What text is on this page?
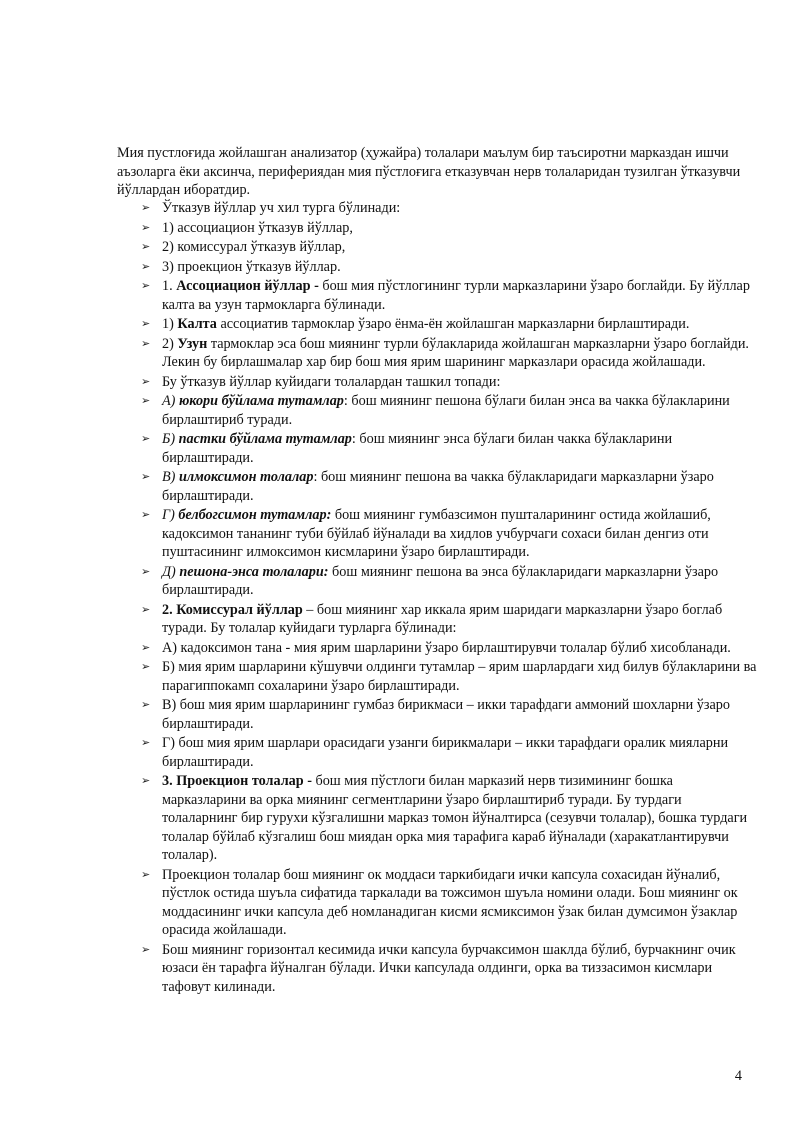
Мия пустлоғида жойлашган анализатор (ҳужайра) толалари маълум бир таъсиротни марказдан ишчи аъзоларга ёки аксинча, перифериядан мия пўстлоғига етказувчан нерв толаларидан тузилган ўтказувчи йўллардан иборатдир.

➢ Ўтказув йўллар уч хил турга бўлинади:
➢ 1) ассоциацион ўтказув йўллар,
➢ 2) комиссурал ўтказув йўллар,
➢ 3) проекцион ўтказув йўллар.
➢ 1. Ассоциацион йўллар - бош мия пўстлогининг турли марказларини ўзаро боглайди. Бу йўллар калта ва узун тармокларга бўлинади.
➢ 1) Калта ассоциатив тармоклар ўзаро ёнма-ён жойлашган марказларни бирлаштиради.
➢ 2) Узун тармоклар эса бош миянинг турли бўлакларида жойлашган марказларни ўзаро боглайди. Лекин бу бирлашмалар хар бир бош мия ярим шарининг марказлари орасида жойлашади.
➢ Бу ўтказув йўллар куйидаги толалардан ташкил топади:
➢ А) юкори бўйлама тутамлар: бош миянинг пешона бўлаги билан энса ва чакка бўлакларини бирлаштириб туради.
➢ Б) пастки бўйлама тутамлар: бош миянинг энса бўлаги билан чакка бўлакларини бирлаштиради.
➢ В) илмоксимон толалар: бош миянинг пешона ва чакка бўлакларидаги марказларни ўзаро бирлаштиради.
➢ Г) белбогсимон тутамлар: бош миянинг гумбазсимон пушталарининг остида жойлашиб, кадоксимон тананинг туби бўйлаб йўналади ва хидлов учбурчаги сохаси билан денгиз оти пуштасининг илмоксимон кисмларини ўзаро бирлаштиради.
➢ Д) пешона-энса толалари: бош миянинг пешона ва энса бўлакларидаги марказларни ўзаро бирлаштиради.
➢ 2. Комиссурал йўллар – бош миянинг хар иккала ярим шаридаги марказларни ўзаро боглаб туради. Бу толалар куйидаги турларга бўлинади:
➢ А) кадоксимон тана - мия ярим шарларини ўзаро бирлаштирувчи толалар бўлиб хисобланади.
➢ Б) мия ярим шарларини кўшувчи олдинги тутамлар – ярим шарлардаги хид билув бўлакларини ва парагиппокамп сохаларини ўзаро бирлаштиради.
➢ В) бош мия ярим шарларининг гумбаз бирикмаси – икки тарафдаги аммоний шохларни ўзаро бирлаштиради.
➢ Г) бош мия ярим шарлари орасидаги узанги бирикмалари – икки тарафдаги оралик мияларни бирлаштиради.
➢ 3. Проекцион толалар - бош мия пўстлоги билан марказий нерв тизимининг бошка марказларини ва орка миянинг сегментларини ўзаро бирлаштириб туради. Бу турдаги толаларнинг бир гурухи кўзгалишни марказ томон йўналтирса (сезувчи толалар), бошка турдаги толалар бўйлаб кўзгалиш бош миядан орка мия тарафига караб йўналади (харакатлантирувчи толалар).
➢ Проекцион толалар бош миянинг ок моддаси таркибидаги ички капсула сохасидан йўналиб, пўстлок остида шуъла сифатида таркалади ва тожсимон шуъла номини олади. Бош миянинг ок моддасининг ички капсула деб номланадиган кисми ясмиксимон ўзак билан думсимон ўзаклар орасида жойлашади.
➢ Бош миянинг горизонтал кесимида ички капсула бурчаксимон шаклда бўлиб, бурчакнинг очик юзаси ён тарафга йўналган бўлади. Ички капсулада олдинги, орка ва тиззасимон кисмлари тафовут килинади.
4
